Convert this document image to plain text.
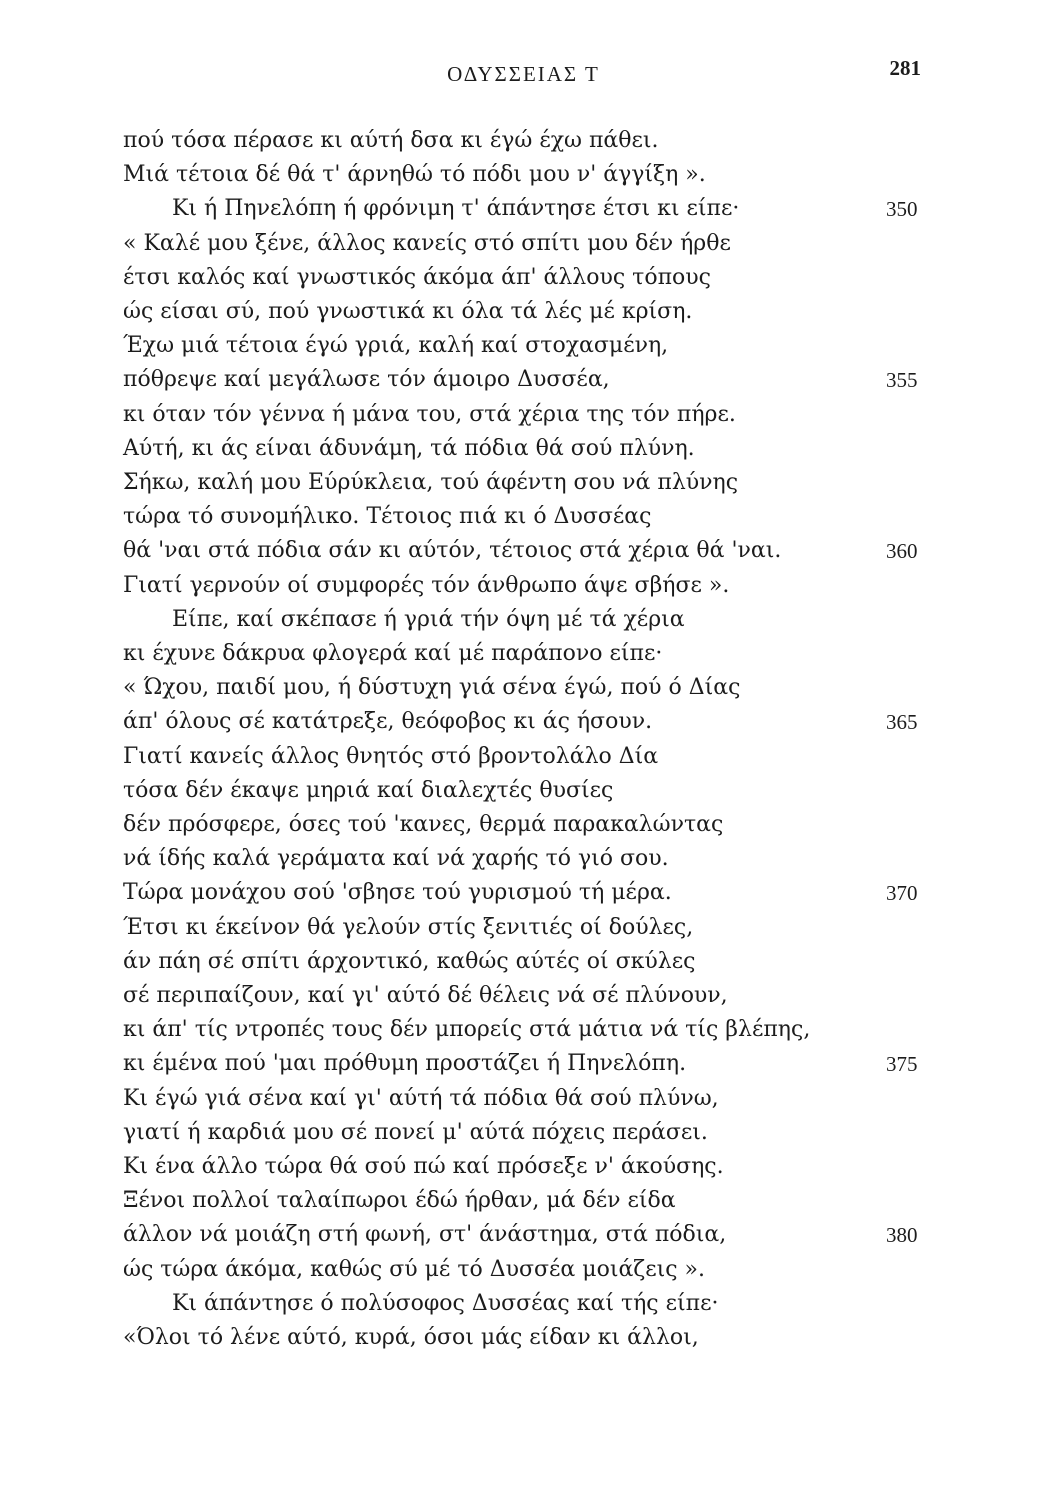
ΟΔΥΣΣΕΙΑΣ Τ	281
πού τόσα πέρασε κι αύτή δσα κι έγώ έχω πάθει.
Μιά τέτοια δέ θά τ' άρνηθώ τό πόδι μου ν' άγγίξη ».
Κι ή Πηνελόπη ή φρόνιμη τ' άπάντησε έτσι κι είπε·	350
« Καλέ μου ξένε, άλλος κανείς στό σπίτι μου δέν ήρθε
έτσι καλός καί γνωστικός άκόμα άπ' άλλους τόπους
ώς είσαι σύ, πού γνωστικά κι όλα τά λές μέ κρίση.
Έχω μιά τέτοια έγώ γριά, καλή καί στοχασμένη,
πόθρεψε καί μεγάλωσε τόν άμοιρο Δυσσέα,	355
κι όταν τόν γέννα ή μάνα του, στά χέρια της τόν πήρε.
Αύτή, κι άς είναι άδυνάμη, τά πόδια θά σού πλύνη.
Σήκω, καλή μου Εύρύκλεια, τού άφέντη σου νά πλύνης
τώρα τό συνομήλικο. Τέτοιος πιά κι ό Δυσσέας
θά 'ναι στά πόδια σάν κι αύτόν, τέτοιος στά χέρια θά 'ναι.	360
Γιατί γερνούν οί συμφορές τόν άνθρωπο άψε σβήσε ».
Είπε, καί σκέπασε ή γριά τήν όψη μέ τά χέρια
κι έχυνε δάκρυα φλογερά καί μέ παράπονο είπε·
« Ώχου, παιδί μου, ή δύστυχη γιά σένα έγώ, πού ό Δίας
άπ' όλους σέ κατάτρεξε, θεόφοβος κι άς ήσουν.	365
Γιατί κανείς άλλος θνητός στό βροντολάλο Δία
τόσα δέν έκαψε μηριά καί διαλεχτές θυσίες
δέν πρόσφερε, όσες τού 'κανες, θερμά παρακαλώντας
νά ίδής καλά γεράματα καί νά χαρής τό γιό σου.
Τώρα μονάχου σού 'σβησε τού γυρισμού τή μέρα.	370
Έτσι κι έκείνον θά γελούν στίς ξενιτιές οί δούλες,
άν πάη σέ σπίτι άρχοντικό, καθώς αύτές οί σκύλες
σέ περιπαίζουν, καί γι' αύτό δέ θέλεις νά σέ πλύνουν,
κι άπ' τίς ντροπές τους δέν μπορείς στά μάτια νά τίς βλέπης,
κι έμένα πού 'μαι πρόθυμη προστάζει ή Πηνελόπη.	375
Κι έγώ γιά σένα καί γι' αύτή τά πόδια θά σού πλύνω,
γιατί ή καρδιά μου σέ πονεί μ' αύτά πόχεις περάσει.
Κι ένα άλλο τώρα θά σού πώ καί πρόσεξε ν' άκούσης.
Ξένοι πολλοί ταλαίπωροι έδώ ήρθαν, μά δέν είδα
άλλον νά μοιάζη στή φωνή, στ' άνάστημα, στά πόδια,	380
ώς τώρα άκόμα, καθώς σύ μέ τό Δυσσέα μοιάζεις ».
Κι άπάντησε ό πολύσοφος Δυσσέας καί τής είπε·
«Όλοι τό λένε αύτό, κυρά, όσοι μάς είδαν κι άλλοι,
